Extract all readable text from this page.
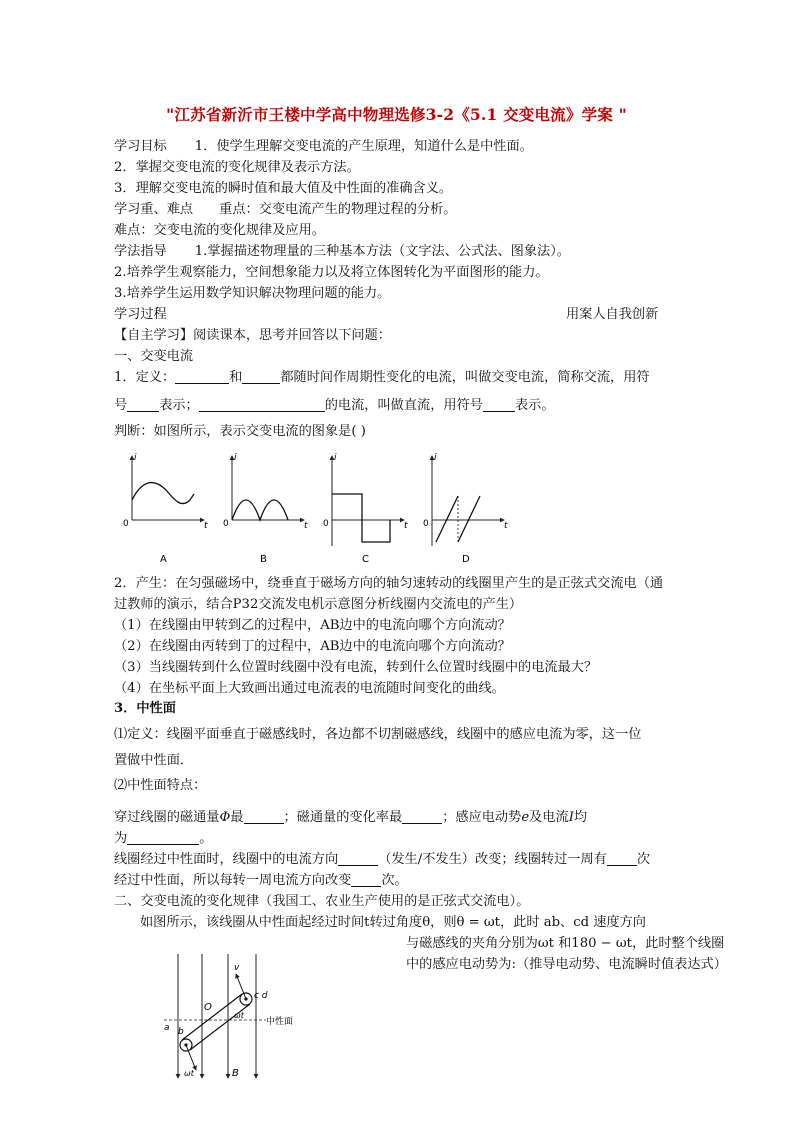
"江苏省新沂市王楼中学高中物理选修3-2《5.1 交变电流》学案 "
学习目标 1．使学生理解交变电流的产生原理，知道什么是中性面。
2．掌握交变电流的变化规律及表示方法。
3．理解交变电流的瞬时值和最大值及中性面的准确含义。
学习重、难点 重点：交变电流产生的物理过程的分析。
难点：交变电流的变化规律及应用。
学法指导 1.掌握描述物理量的三种基本方法（文字法、公式法、图象法）。
2.培养学生观察能力，空间想象能力以及将立体图转化为平面图形的能力。
3.培养学生运用数学知识解决物理问题的能力。
学习过程	用案人自我创新
【自主学习】阅读课本，思考并回答以下问题：
一、交变电流
1．定义：	和	都随时间作周期性变化的电流，叫做交变电流，简称交流，用符
号 表示；	的电流，叫做直流，用符号 表示。
判断：如图所示，表示交变电流的图象是( )
i
t
0
A
i
t
0
B
i
t
0
C
i
t
0
D
2．产生：在匀强磁场中，绕垂直于磁场方向的轴匀速转动的线圈里产生的是正弦式交流电（通
过教师的演示，结合P32交流发电机示意图分析线圈内交流电的产生）
（1）在线圈由甲转到乙的过程中，AB边中的电流向哪个方向流动？
（2）在线圈由丙转到丁的过程中，AB边中的电流向哪个方向流动？
（3）当线圈转到什么位置时线圈中没有电流，转到什么位置时线圈中的电流最大？
（4）在坐标平面上大致画出通过电流表的电流随时间变化的曲线。
3．中性面
⑴定义：线圈平面垂直于磁感线时，各边都不切割磁感线，线圈中的感应电流为零，这一位
置做中性面．
⑵中性面特点：
穿过线圈的磁通量Φ最	；磁通量的变化率最	；感应电动势e及电流I均
为	。
线圈经过中性面时，线圈中的电流方向	（发生/不发生）改变；线圈转过一周有 次
经过中性面，所以每转一周电流方向改变 次。
二、交变电流的变化规律（我国工、农业生产使用的是正弦式交流电）。
如图所示，该线圈从中性面起经过时间t转过角度θ，则θ = ωt，此时 ab、cd 速度方向
与磁感线的夹角分别为ωt 和180 − ωt，此时整个线圈
中的感应电动势为:（推导电动势、电流瞬时值表达式）
v
O
c d
ωt
a b
中性面
B
ωt
